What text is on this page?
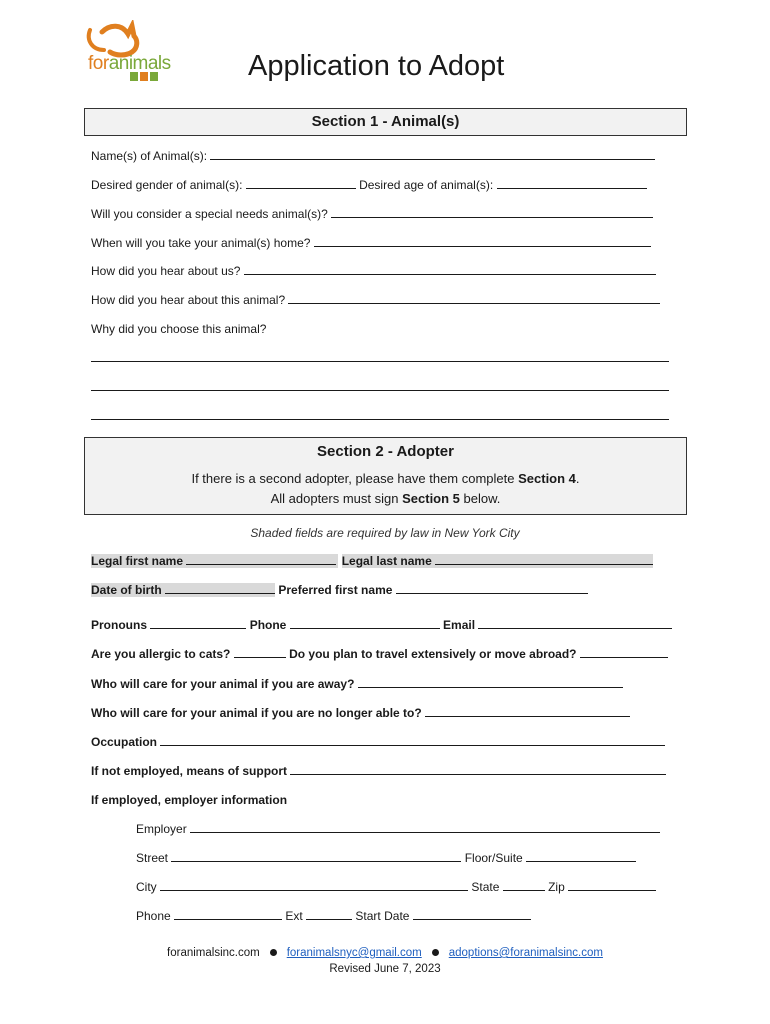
foranimals	Application to Adopt
Section 1 - Animal(s)
Name(s) of Animal(s):
Desired gender of animal(s):	Desired age of animal(s):
Will you consider a special needs animal(s)?
When will you take your animal(s) home?
How did you hear about us?
How did you hear about this animal?
Why did you choose this animal?
Section 2 - Adopter
If there is a second adopter, please have them complete Section 4.
All adopters must sign Section 5 below.
Shaded fields are required by law in New York City
Legal first name	Legal last name
Date of birth	Preferred first name
Pronouns	Phone	Email
Are you allergic to cats?	Do you plan to travel extensively or move abroad?
Who will care for your animal if you are away?
Who will care for your animal if you are no longer able to?
Occupation
If not employed, means of support
If employed, employer information
Employer
Street	Floor/Suite
City	State	Zip
Phone	Ext	Start Date
foranimalsinc.com foranimalsnyc@gmail.com adoptions@foranimalsinc.com
Revised June 7, 2023
